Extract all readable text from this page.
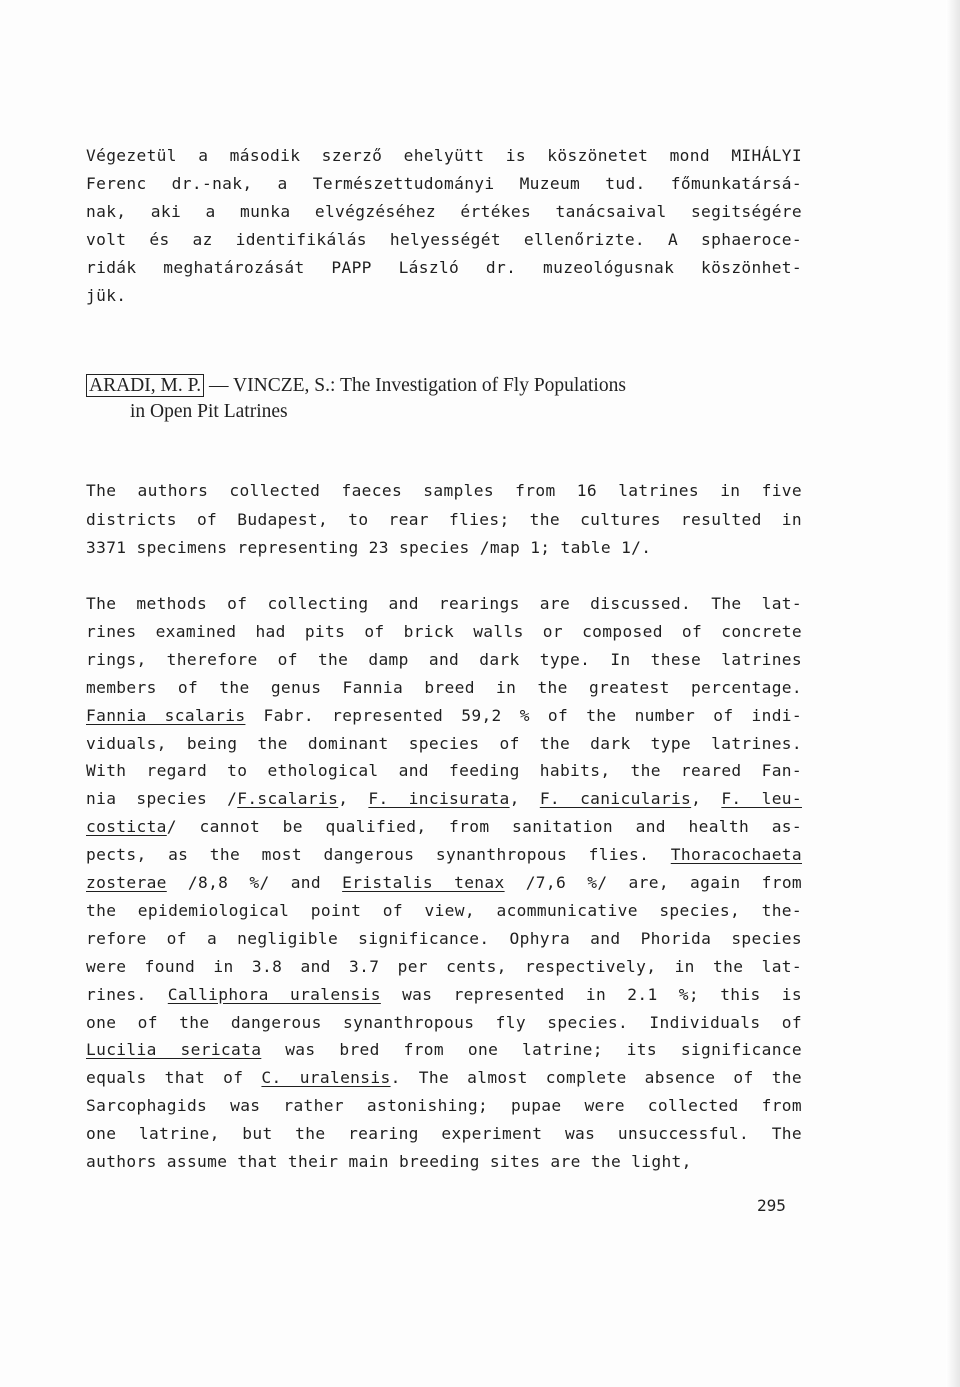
Végezetül a második szerző ehelyütt is köszönetet mond MIHÁLYI
Ferenc dr.-nak, a Természettudományi Muzeum tud. főmunkatársá-
nak, aki a munka elvégzéséhez értékes tanácsaival segitségére
volt és az identifikálás helyességét ellenőrizte. A sphaeroce-
ridák meghatározását PAPP László dr. muzeológusnak köszönhet-
jük.
ARADI, M. P. — VINCZE, S.: The Investigation of Fly Populations
in Open Pit Latrines
The authors collected faeces samples from 16 latrines in five
districts of Budapest, to rear flies; the cultures resulted in
3371 specimens representing 23 species /map 1; table 1/.
The methods of collecting and rearings are discussed. The lat-
rines examined had pits of brick walls or composed of concrete
rings, therefore of the damp and dark type. In these latrines
members of the genus Fannia breed in the greatest percentage.
Fannia scalaris Fabr. represented 59,2 % of the number of indi-
viduals, being the dominant species of the dark type latrines.
With regard to ethological and feeding habits, the reared Fan-
nia species /F.scalaris, F. incisurata, F. canicularis, F. leu-
costicta/ cannot be qualified, from sanitation and health as-
pects, as the most dangerous synanthropous flies. Thoracochaeta
zosterae /8,8 %/ and Eristalis tenax /7,6 %/ are, again from
the epidemiological point of view, acommunicative species, the-
refore of a negligible significance. Ophyra and Phorida species
were found in 3.8 and 3.7 per cents, respectively, in the lat-
rines. Calliphora uralensis was represented in 2.1 %; this is
one of the dangerous synanthropous fly species. Individuals of
Lucilia sericata was bred from one latrine; its significance
equals that of C. uralensis. The almost complete absence of the
Sarcophagids was rather astonishing; pupae were collected from
one latrine, but the rearing experiment was unsuccessful. The
authors assume that their main breeding sites are the light,
295
